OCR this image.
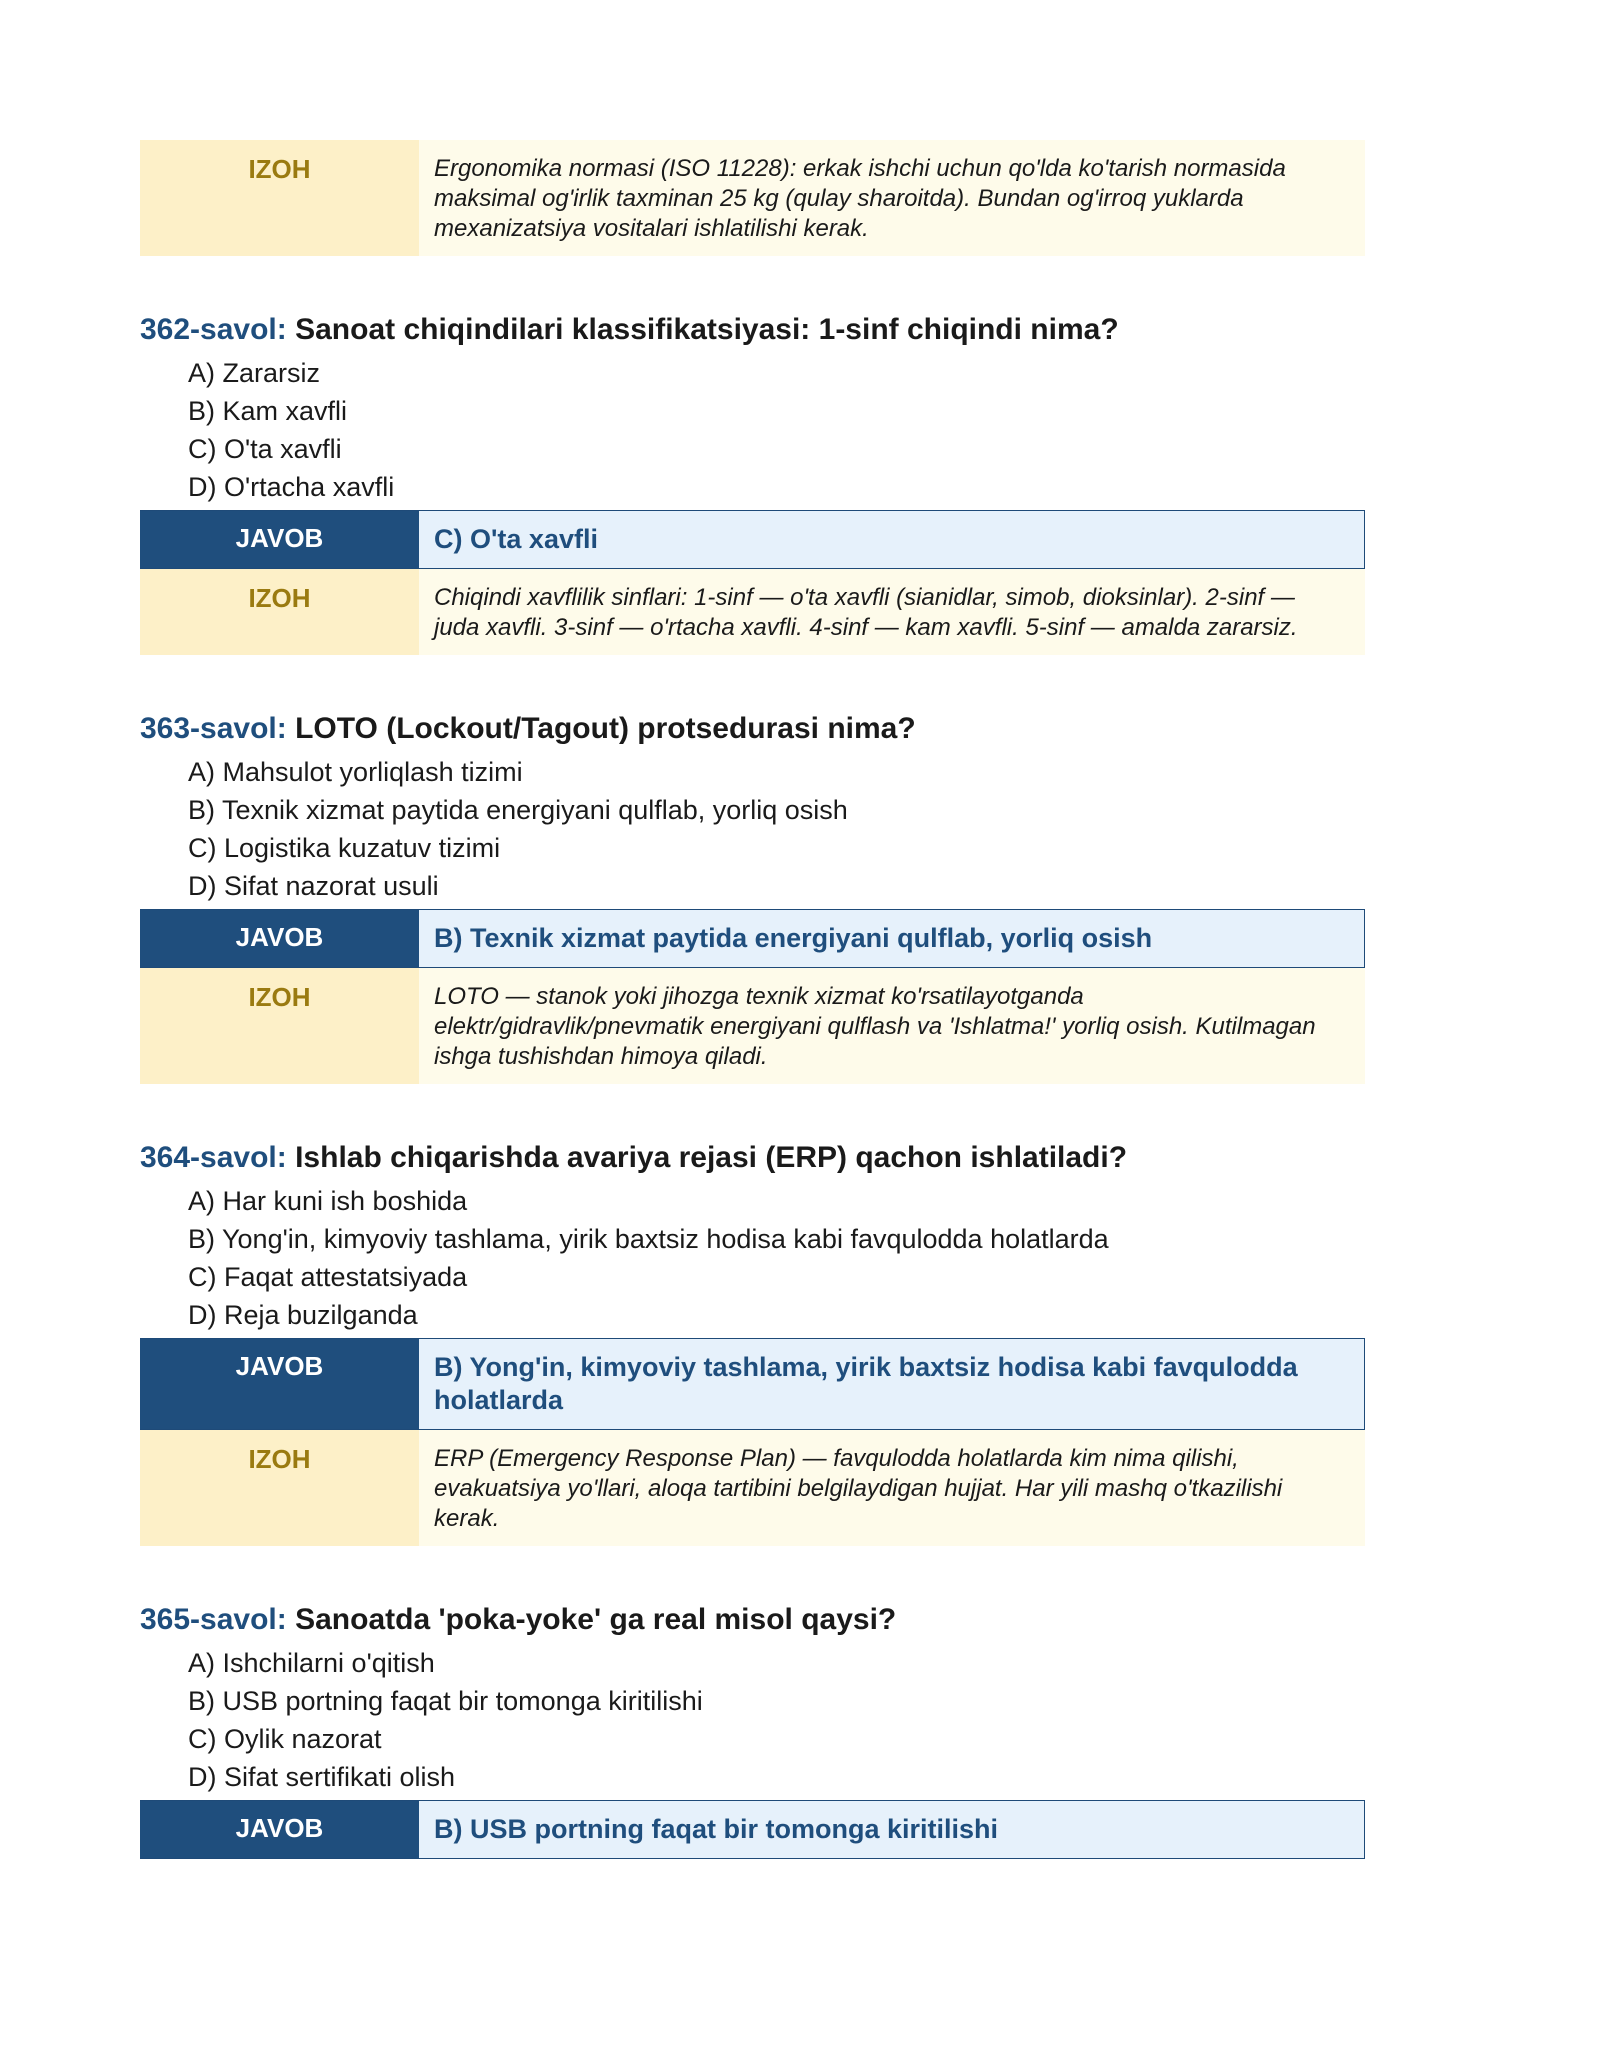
IZOH	Ergonomika normasi (ISO 11228): erkak ishchi uchun qo'lda ko'tarish normasida maksimal og'irlik taxminan 25 kg (qulay sharoitda). Bundan og'irroq yuklarda mexanizatsiya vositalari ishlatilishi kerak.
362-savol: Sanoat chiqindilari klassifikatsiyasi: 1-sinf chiqindi nima?
A) Zararsiz
B) Kam xavfli
C) O'ta xavfli
D) O'rtacha xavfli
JAVOB	C) O'ta xavfli
IZOH	Chiqindi xavflilik sinflari: 1-sinf — o'ta xavfli (sianidlar, simob, dioksinlar). 2-sinf — juda xavfli. 3-sinf — o'rtacha xavfli. 4-sinf — kam xavfli. 5-sinf — amalda zararsiz.
363-savol: LOTO (Lockout/Tagout) protsedurasi nima?
A) Mahsulot yorliqlash tizimi
B) Texnik xizmat paytida energiyani qulflab, yorliq osish
C) Logistika kuzatuv tizimi
D) Sifat nazorat usuli
JAVOB	B) Texnik xizmat paytida energiyani qulflab, yorliq osish
IZOH	LOTO — stanok yoki jihozga texnik xizmat ko'rsatilayotganda elektr/gidravlik/pnevmatik energiyani qulflash va 'Ishlatma!' yorliq osish. Kutilmagan ishga tushishdan himoya qiladi.
364-savol: Ishlab chiqarishda avariya rejasi (ERP) qachon ishlatiladi?
A) Har kuni ish boshida
B) Yong'in, kimyoviy tashlama, yirik baxtsiz hodisa kabi favqulodda holatlarda
C) Faqat attestatsiyada
D) Reja buzilganda
JAVOB	B) Yong'in, kimyoviy tashlama, yirik baxtsiz hodisa kabi favqulodda holatlarda
IZOH	ERP (Emergency Response Plan) — favqulodda holatlarda kim nima qilishi, evakuatsiya yo'llari, aloqa tartibini belgilaydigan hujjat. Har yili mashq o'tkazilishi kerak.
365-savol: Sanoatda 'poka-yoke' ga real misol qaysi?
A) Ishchilarni o'qitish
B) USB portning faqat bir tomonga kiritilishi
C) Oylik nazorat
D) Sifat sertifikati olish
JAVOB	B) USB portning faqat bir tomonga kiritilishi
